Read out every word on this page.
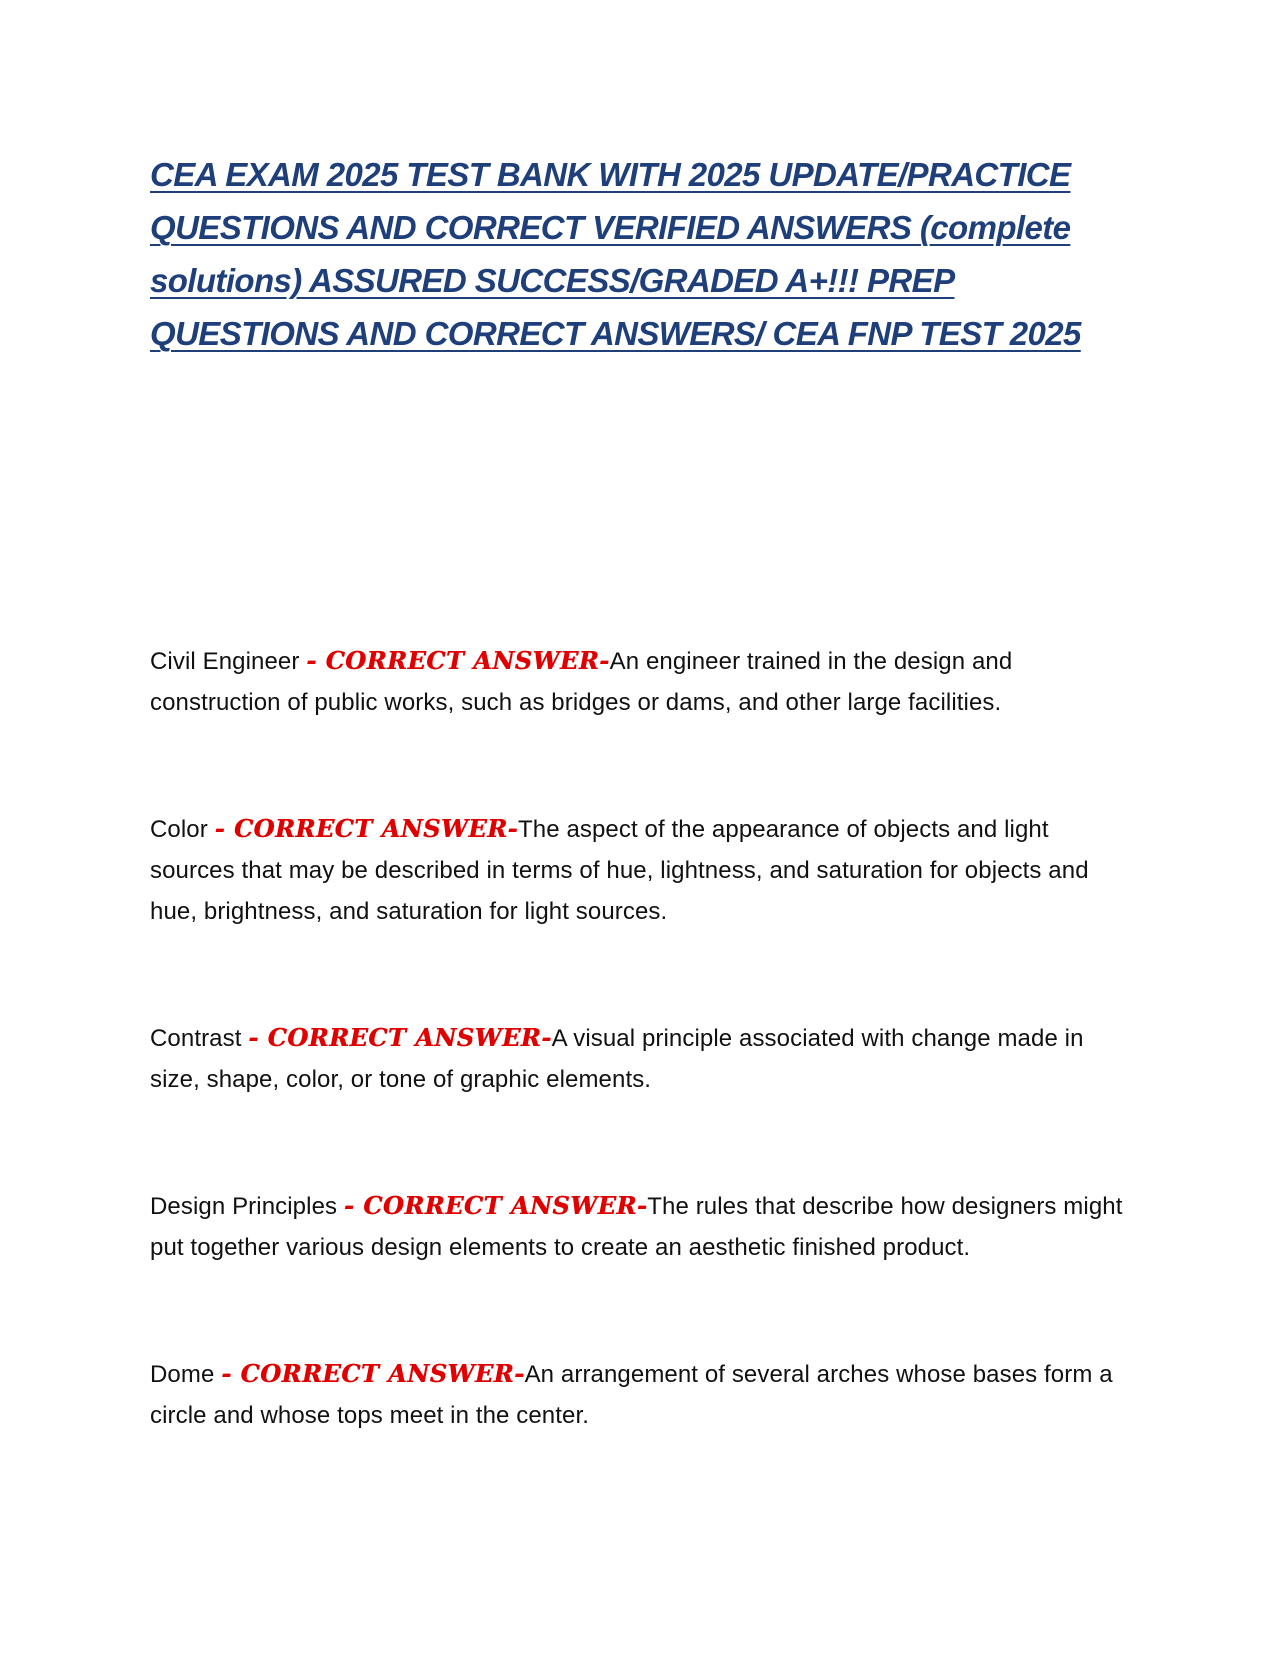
CEA EXAM 2025 TEST BANK WITH 2025 UPDATE/PRACTICE QUESTIONS AND CORRECT VERIFIED ANSWERS (complete solutions) ASSURED SUCCESS/GRADED A+!!! PREP QUESTIONS AND CORRECT ANSWERS/ CEA FNP TEST 2025

Civil Engineer - CORRECT ANSWER-An engineer trained in the design and construction of public works, such as bridges or dams, and other large facilities.

Color - CORRECT ANSWER-The aspect of the appearance of objects and light sources that may be described in terms of hue, lightness, and saturation for objects and hue, brightness, and saturation for light sources.

Contrast - CORRECT ANSWER-A visual principle associated with change made in size, shape, color, or tone of graphic elements.

Design Principles - CORRECT ANSWER-The rules that describe how designers might put together various design elements to create an aesthetic finished product.

Dome - CORRECT ANSWER-An arrangement of several arches whose bases form a circle and whose tops meet in the center.
